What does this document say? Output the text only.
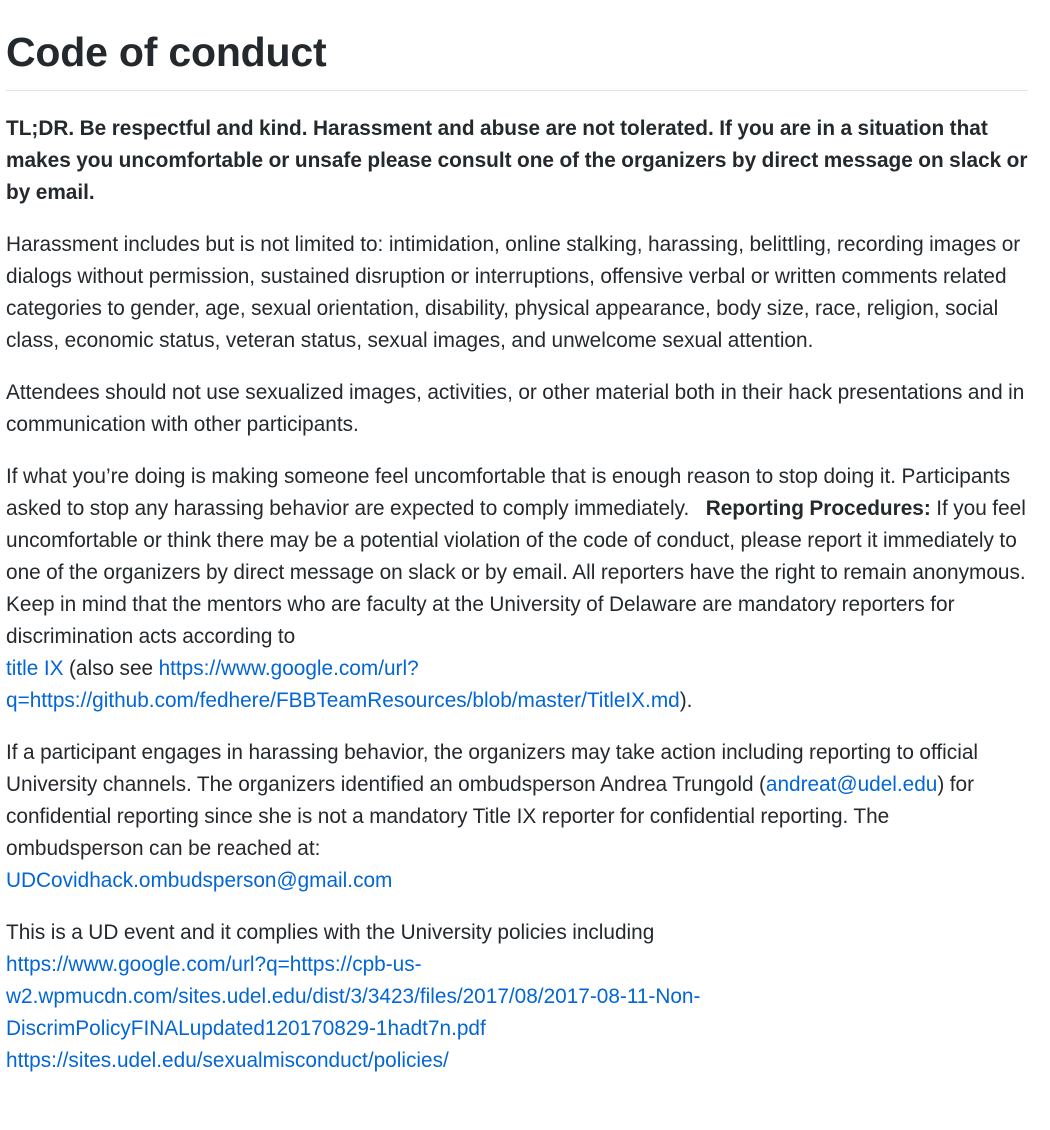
Code of conduct

TL;DR. Be respectful and kind. Harassment and abuse are not tolerated. If you are in a situation that makes you uncomfortable or unsafe please consult one of the organizers by direct message on slack or by email.

Harassment includes but is not limited to: intimidation, online stalking, harassing, belittling, recording images or dialogs without permission, sustained disruption or interruptions, offensive verbal or written comments related categories to gender, age, sexual orientation, disability, physical appearance, body size, race, religion, social class, economic status, veteran status, sexual images, and unwelcome sexual attention.

Attendees should not use sexualized images, activities, or other material both in their hack presentations and in communication with other participants.

If what you’re doing is making someone feel uncomfortable that is enough reason to stop doing it. Participants asked to stop any harassing behavior are expected to comply immediately. Reporting Procedures: If you feel uncomfortable or think there may be a potential violation of the code of conduct, please report it immediately to one of the organizers by direct message on slack or by email. All reporters have the right to remain anonymous. Keep in mind that the mentors who are faculty at the University of Delaware are mandatory reporters for discrimination acts according to
title IX (also see https://www.google.com/url?
q=https://github.com/fedhere/FBBTeamResources/blob/master/TitleIX.md).

If a participant engages in harassing behavior, the organizers may take action including reporting to official University channels. The organizers identified an ombudsperson Andrea Trungold (andreat@udel.edu) for confidential reporting since she is not a mandatory Title IX reporter for confidential reporting. The ombudsperson can be reached at:
UDCovidhack.ombudsperson@gmail.com

This is a UD event and it complies with the University policies including
https://www.google.com/url?q=https://cpb-us-
w2.wpmucdn.com/sites.udel.edu/dist/3/3423/files/2017/08/2017-08-11-Non-
DiscrimPolicyFINALupdated120170829-1hadt7n.pdf
https://sites.udel.edu/sexualmisconduct/policies/
